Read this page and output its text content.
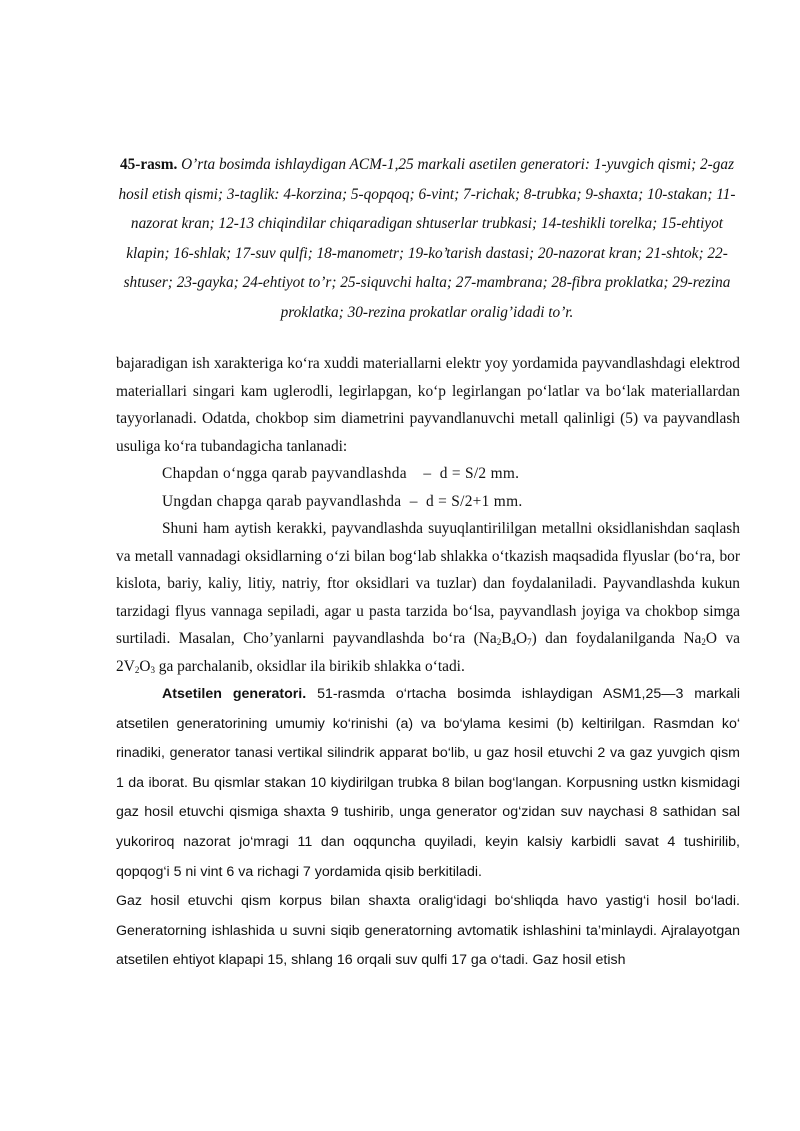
45-rasm. O’rta bosimda ishlaydigan ACM-1,25 markali asetilen generatori: 1-yuvgich qismi; 2-gaz hosil etish qismi; 3-taglik: 4-korzina; 5-qopqoq; 6-vint; 7-richak; 8-trubka; 9-shaxta; 10-stakan; 11-nazorat kran; 12-13 chiqindilar chiqaradigan shtuserlar trubkasi; 14-teshikli torelka; 15-ehtiyot klapin; 16-shlak; 17-suv qulfi; 18-manometr; 19-ko’tarish dastasi; 20-nazorat kran; 21-shtok; 22- shtuser; 23-gayka; 24-ehtiyot to’r; 25-siquvchi halta; 27-mambrana; 28-fibra proklatka; 29-rezina proklatka; 30-rezina prokatlar oralig’idadi to’r.

bajaradigan ish xarakteriga ko‘ra xuddi materiallarni elektr yoy yordamida payvandlashdagi elektrod materiallari singari kam uglerodli, legirlapgan, ko‘p legirlangan po‘latlar va bo‘lak materiallardan tayyorlanadi. Odatda, chokbop sim diametrini payvandlanuvchi metall qalinligi (5) va payvandlash usuliga ko‘ra tubandagicha tanlanadi:

Chapdan o‘ngga qarab payvandlashda – d = S/2 mm.

Ungdan chapga qarab payvandlashda – d = S/2+1 mm.

Shuni ham aytish kerakki, payvandlashda suyuqlantirililgan metallni oksidlanishdan saqlash va metall vannadagi oksidlarning o‘zi bilan bog‘lab shlakka o‘tkazish maqsadida flyuslar (bo‘ra, bor kislota, bariy, kaliy, litiy, natriy, ftor oksidlari va tuzlar) dan foydalaniladi. Payvandlashda kukun tarzidagi flyus vannaga sepiladi, agar u pasta tarzida bo‘lsa, payvandlash joyiga va chokbop simga surtiladi. Masalan, Cho’yanlarni payvandlashda bo‘ra $(Na_2B_4O_7)$ dan foydalanilganda $Na_2O$ va $2V_2O_3$ ga parchalanib, oksidlar ila birikib shlakka o‘tadi.

Atsetilen generatori. 51-rasmda o‘rtacha bosimda ishlaydigan ASM1,25—3 markali atsetilen generatorining umumiy ko‘rinishi (a) va bo‘ylama kesimi (b) keltirilgan. Rasmdan ko‘ rinadiki, generator tanasi vertikal silindrik apparat bo‘lib, u gaz hosil etuvchi 2 va gaz yuvgich qism 1 da iborat. Bu qismlar stakan 10 kiydirilgan trubka 8 bilan bog‘langan. Korpusning ustkn kismidagi gaz hosil etuvchi qismiga shaxta 9 tushirib, unga generator og‘zidan suv naychasi 8 sathidan sal yukoriroq nazorat jo‘mragi 11 dan oqquncha quyiladi, keyin kalsiy karbidli savat 4 tushirilib, qopqog‘i 5 ni vint 6 va richagi 7 yordamida qisib berkitiladi.

Gaz hosil etuvchi qism korpus bilan shaxta oralig‘idagi bo‘shliqda havo yastig‘i hosil bo‘ladi. Generatorning ishlashida u suvni siqib generatorning avtomatik ishlashini ta’minlaydi. Ajralayotgan atsetilen ehtiyot klapapi 15, shlang 16 orqali suv qulfi 17 ga o‘tadi. Gaz hosil etish
